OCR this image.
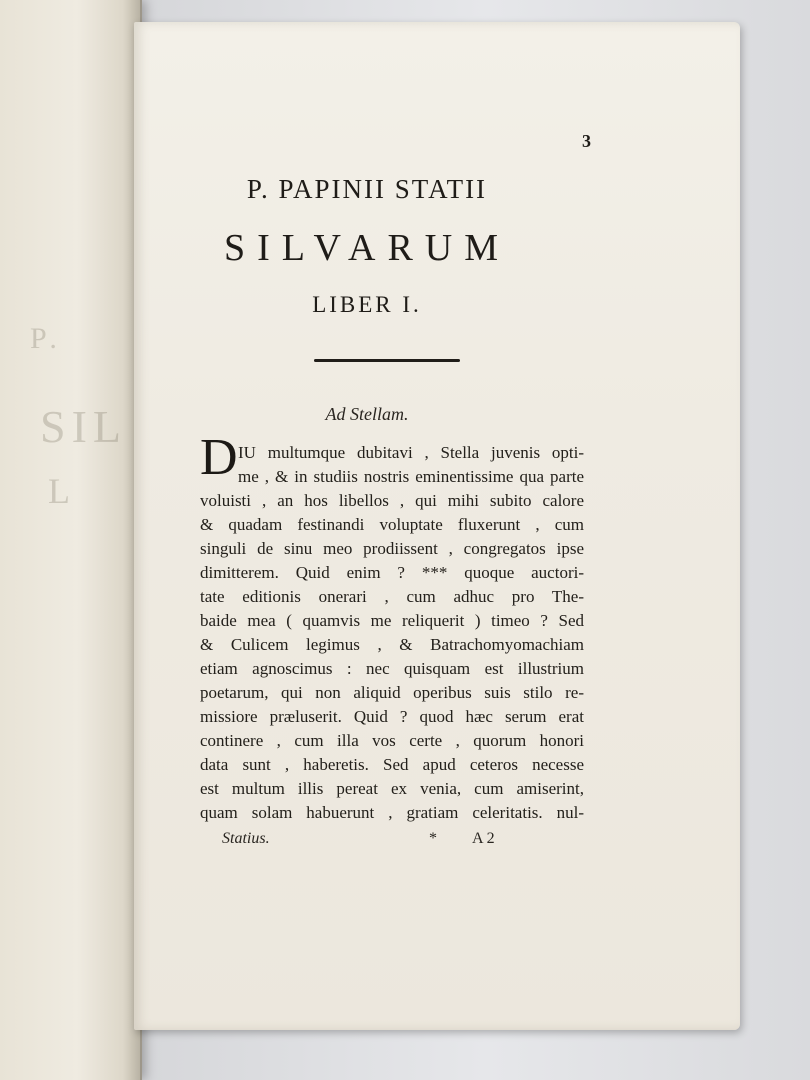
P.
SIL
L
3
P. PAPINII STATII
SILVARUM
LIBER I.
Ad Stellam.
D IU multumque dubitavi , Stella juvenis opti-
me , & in studiis nostris eminentissime qua parte
voluisti , an hos libellos , qui mihi subito calore
& quadam festinandi voluptate fluxerunt , cum
singuli de sinu meo prodiissent , congregatos ipse
dimitterem. Quid enim ? *** quoque auctori-
tate editionis onerari , cum adhuc pro The-
baide mea ( quamvis me reliquerit ) timeo ? Sed
& Culicem legimus , & Batrachomyomachiam
etiam agnoscimus : nec quisquam est illustrium
poetarum, qui non aliquid operibus suis stilo re-
missiore præluserit. Quid ? quod hæc serum erat
continere , cum illa vos certe , quorum honori
data sunt , haberetis. Sed apud ceteros necesse
est multum illis pereat ex venia, cum amiserint,
quam solam habuerunt , gratiam celeritatis. nul-
Statius.	* A 2
